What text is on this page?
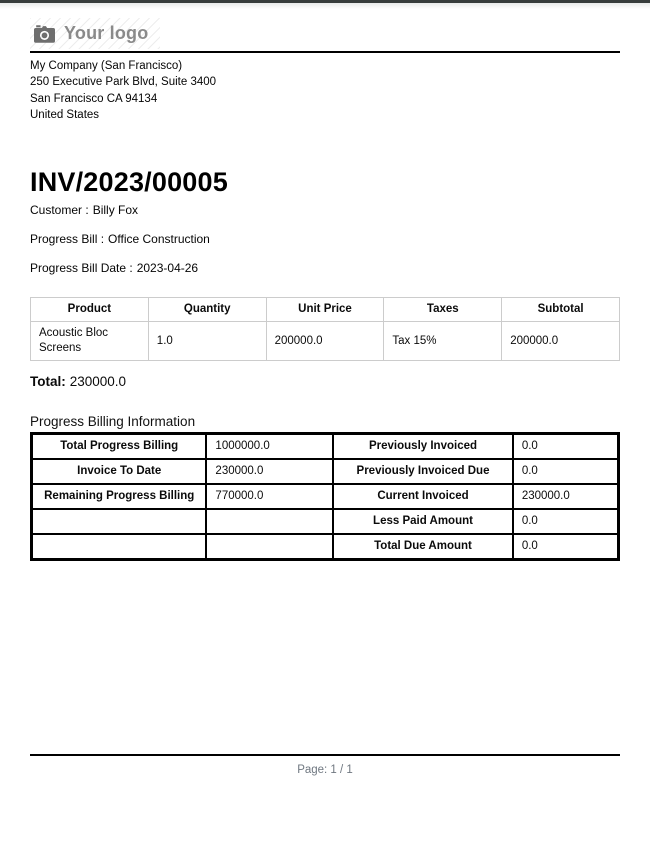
Your logo
My Company (San Francisco)
250 Executive Park Blvd, Suite 3400
San Francisco CA 94134
United States
INV/2023/00005
Customer : Billy Fox
Progress Bill : Office Construction
Progress Bill Date : 2023-04-26
Product	Quantity	Unit Price	Taxes	Subtotal
Acoustic Bloc Screens	1.0	200000.0	Tax 15%	200000.0
Total: 230000.0
Progress Billing Information
Total Progress Billing	1000000.0	Previously Invoiced	0.0
Invoice To Date	230000.0	Previously Invoiced Due	0.0
Remaining Progress Billing	770000.0	Current Invoiced	230000.0
		Less Paid Amount	0.0
		Total Due Amount	0.0
Page: 1 / 1
